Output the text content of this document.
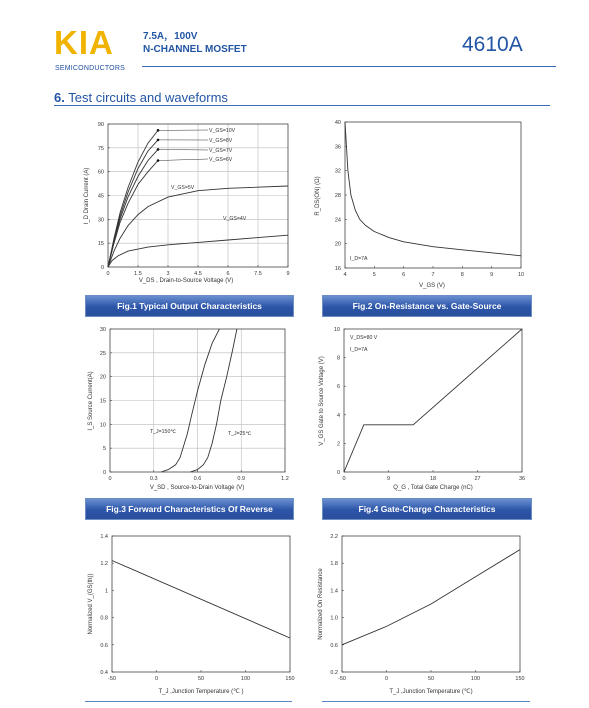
KIA
SEMICONDUCTORS
7.5A，100V
N-CHANNEL MOSFET	4610A
6. Test circuits and waveforms
0	1.5	3	4.5	6	7.5	9
0
15
30
45
60
75
90
V_DS , Drain-to-Source Voltage (V)
I_D Drain Current (A)
V_GS=10V
V_GS=8V
V_GS=7V
V_GS=6V
V_GS=5V
V_GS=4V
4	5	6	7	8	9	10
16
20
24
28
32
36
40
V_GS (V)
R_DS(ON) (Ω)
I_D=7A
0	0.3	0.6	0.9	1.2
0
5
10
15
20
25
30
V_SD , Source-to-Drain Voltage (V)
I_S Source Current(A)
T_J=150℃	T_J=25℃
0	9	18	27	36
0
2
4
6
8
10
Q_G , Total Gate Charge (nC)
V_GS Gate to Source Voltage (V)
V_DS=80 V
I_D=7A
-50	0	50	100	150
0.4
0.6
0.8
1
1.2
1.4
T_J ,Junction Temperature (℃ )
Normalized V_(GS(th))
-50	0	50	100	150
0.2
0.6
1.0
1.4
1.8
2.2
T_J ,Junction Temperature (℃)
Normalized On Resistance
Fig.1 Typical Output Characteristics	Fig.2 On-Resistance vs. Gate-Source
Fig.3 Forward Characteristics Of Reverse	Fig.4 Gate-Charge Characteristics
